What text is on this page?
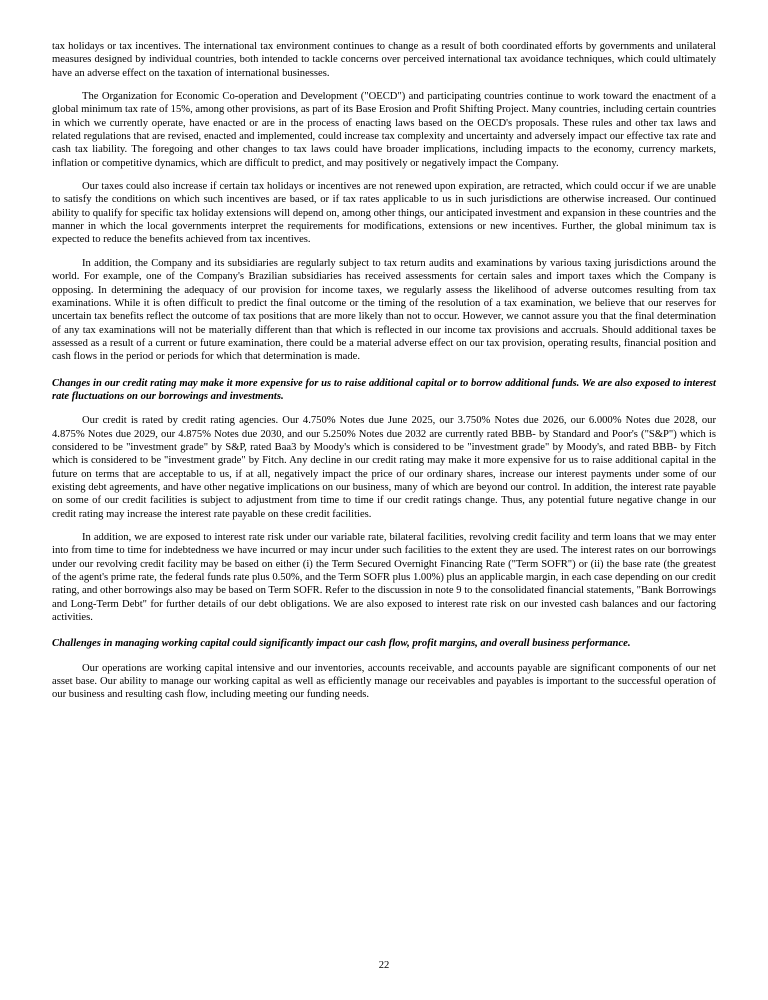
tax holidays or tax incentives. The international tax environment continues to change as a result of both coordinated efforts by governments and unilateral measures designed by individual countries, both intended to tackle concerns over perceived international tax avoidance techniques, which could ultimately have an adverse effect on the taxation of international businesses.

The Organization for Economic Co-operation and Development ("OECD") and participating countries continue to work toward the enactment of a global minimum tax rate of 15%, among other provisions, as part of its Base Erosion and Profit Shifting Project. Many countries, including certain countries in which we currently operate, have enacted or are in the process of enacting laws based on the OECD's proposals. These rules and other tax laws and related regulations that are revised, enacted and implemented, could increase tax complexity and uncertainty and adversely impact our effective tax rate and cash tax liability. The foregoing and other changes to tax laws could have broader implications, including impacts to the economy, currency markets, inflation or competitive dynamics, which are difficult to predict, and may positively or negatively impact the Company.

Our taxes could also increase if certain tax holidays or incentives are not renewed upon expiration, are retracted, which could occur if we are unable to satisfy the conditions on which such incentives are based, or if tax rates applicable to us in such jurisdictions are otherwise increased. Our continued ability to qualify for specific tax holiday extensions will depend on, among other things, our anticipated investment and expansion in these countries and the manner in which the local governments interpret the requirements for modifications, extensions or new incentives. Further, the global minimum tax is expected to reduce the benefits achieved from tax incentives.

In addition, the Company and its subsidiaries are regularly subject to tax return audits and examinations by various taxing jurisdictions around the world. For example, one of the Company's Brazilian subsidiaries has received assessments for certain sales and import taxes which the Company is opposing. In determining the adequacy of our provision for income taxes, we regularly assess the likelihood of adverse outcomes resulting from tax examinations. While it is often difficult to predict the final outcome or the timing of the resolution of a tax examination, we believe that our reserves for uncertain tax benefits reflect the outcome of tax positions that are more likely than not to occur. However, we cannot assure you that the final determination of any tax examinations will not be materially different than that which is reflected in our income tax provisions and accruals. Should additional taxes be assessed as a result of a current or future examination, there could be a material adverse effect on our tax provision, operating results, financial position and cash flows in the period or periods for which that determination is made.

Changes in our credit rating may make it more expensive for us to raise additional capital or to borrow additional funds. We are also exposed to interest rate fluctuations on our borrowings and investments.

Our credit is rated by credit rating agencies. Our 4.750% Notes due June 2025, our 3.750% Notes due 2026, our 6.000% Notes due 2028, our 4.875% Notes due 2029, our 4.875% Notes due 2030, and our 5.250% Notes due 2032 are currently rated BBB- by Standard and Poor's ("S&P") which is considered to be "investment grade" by S&P, rated Baa3 by Moody's which is considered to be "investment grade" by Moody's, and rated BBB- by Fitch which is considered to be "investment grade" by Fitch. Any decline in our credit rating may make it more expensive for us to raise additional capital in the future on terms that are acceptable to us, if at all, negatively impact the price of our ordinary shares, increase our interest payments under some of our existing debt agreements, and have other negative implications on our business, many of which are beyond our control. In addition, the interest rate payable on some of our credit facilities is subject to adjustment from time to time if our credit ratings change. Thus, any potential future negative change in our credit rating may increase the interest rate payable on these credit facilities.

In addition, we are exposed to interest rate risk under our variable rate, bilateral facilities, revolving credit facility and term loans that we may enter into from time to time for indebtedness we have incurred or may incur under such facilities to the extent they are used. The interest rates on our borrowings under our revolving credit facility may be based on either (i) the Term Secured Overnight Financing Rate ("Term SOFR") or (ii) the base rate (the greatest of the agent's prime rate, the federal funds rate plus 0.50%, and the Term SOFR plus 1.00%) plus an applicable margin, in each case depending on our credit rating, and other borrowings also may be based on Term SOFR. Refer to the discussion in note 9 to the consolidated financial statements, "Bank Borrowings and Long-Term Debt" for further details of our debt obligations. We are also exposed to interest rate risk on our invested cash balances and our factoring activities.

Challenges in managing working capital could significantly impact our cash flow, profit margins, and overall business performance.

Our operations are working capital intensive and our inventories, accounts receivable, and accounts payable are significant components of our net asset base. Our ability to manage our working capital as well as efficiently manage our receivables and payables is important to the successful operation of our business and resulting cash flow, including meeting our funding needs.

22
